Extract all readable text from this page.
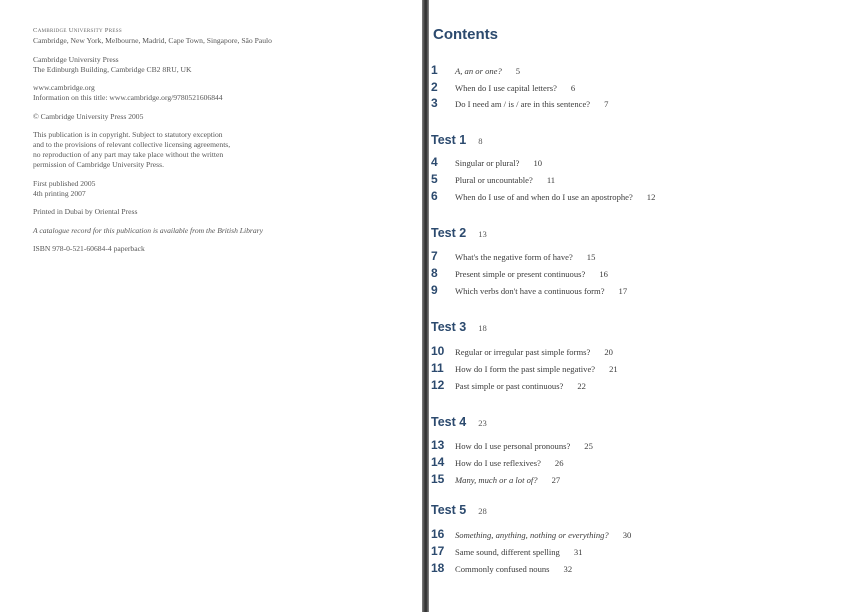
Cambridge University Press
Cambridge, New York, Melbourne, Madrid, Cape Town, Singapore, São Paulo

Cambridge University Press
The Edinburgh Building, Cambridge CB2 8RU, UK

www.cambridge.org
Information on this title: www.cambridge.org/9780521606844

© Cambridge University Press 2005

This publication is in copyright. Subject to statutory exception
and to the provisions of relevant collective licensing agreements,
no reproduction of any part may take place without the written
permission of Cambridge University Press.

First published 2005
4th printing 2007

Printed in Dubai by Oriental Press

A catalogue record for this publication is available from the British Library

ISBN 978-0-521-60684-4 paperback

Contents
1 A, an or one? 5
2 When do I use capital letters? 6
3 Do I need am / is / are in this sentence? 7
Test 1 8
4 Singular or plural? 10
5 Plural or uncountable? 11
6 When do I use of and when do I use an apostrophe? 12
Test 2 13
7 What's the negative form of have? 15
8 Present simple or present continuous? 16
9 Which verbs don't have a continuous form? 17
Test 3 18
10 Regular or irregular past simple forms? 20
11 How do I form the past simple negative? 21
12 Past simple or past continuous? 22
Test 4 23
13 How do I use personal pronouns? 25
14 How do I use reflexives? 26
15 Many, much or a lot of? 27
Test 5 28
16 Something, anything, nothing or everything? 30
17 Same sound, different spelling 31
18 Commonly confused nouns 32
